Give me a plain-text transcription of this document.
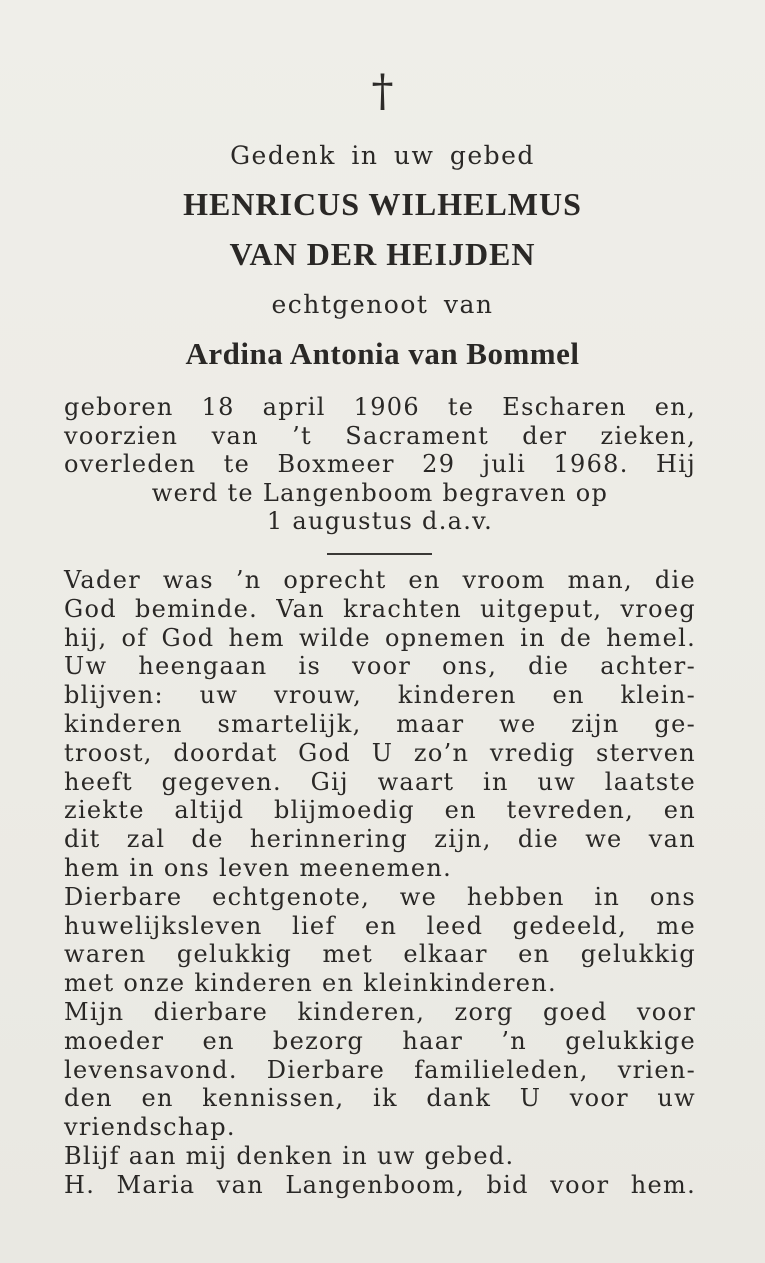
†
Gedenk in uw gebed
HENRICUS WILHELMUS
VAN DER HEIJDEN
echtgenoot van
Ardina Antonia van Bommel
geboren 18 april 1906 te Escharen en,
voorzien van ’t Sacrament der zieken,
overleden te Boxmeer 29 juli 1968. Hij
werd te Langenboom begraven op
1 augustus d.a.v.
Vader was ’n oprecht en vroom man, die
God beminde. Van krachten uitgeput, vroeg
hij, of God hem wilde opnemen in de hemel.
Uw heengaan is voor ons, die achter-
blijven: uw vrouw, kinderen en klein-
kinderen smartelijk, maar we zijn ge-
troost, doordat God U zo’n vredig sterven
heeft gegeven. Gij waart in uw laatste
ziekte altijd blijmoedig en tevreden, en
dit zal de herinnering zijn, die we van
hem in ons leven meenemen.
Dierbare echtgenote, we hebben in ons
huwelijksleven lief en leed gedeeld, me
waren gelukkig met elkaar en gelukkig
met onze kinderen en kleinkinderen.
Mijn dierbare kinderen, zorg goed voor
moeder en bezorg haar ’n gelukkige
levensavond. Dierbare familieleden, vrien-
den en kennissen, ik dank U voor uw
vriendschap.
Blijf aan mij denken in uw gebed.
H. Maria van Langenboom, bid voor hem.
